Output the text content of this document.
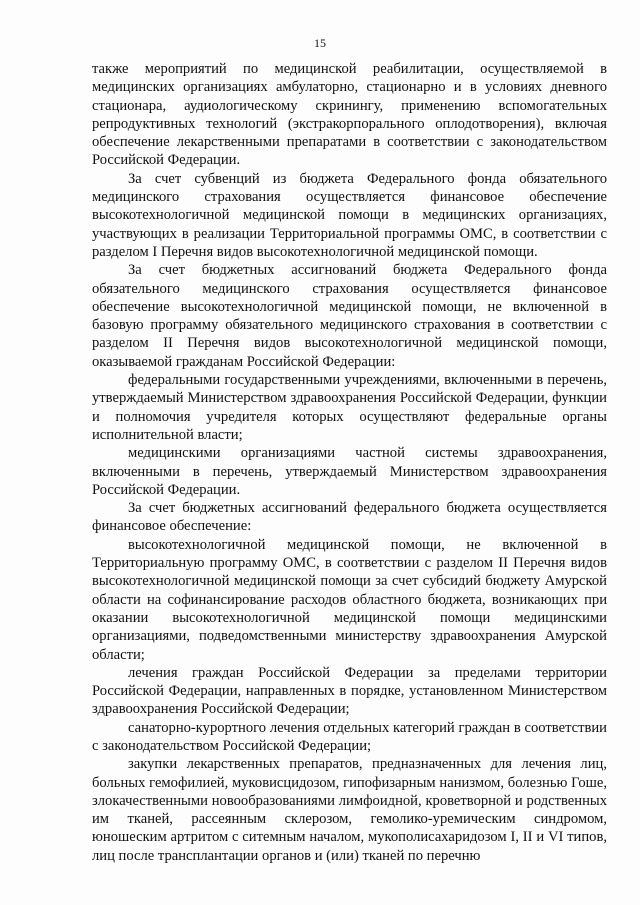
15

также мероприятий по медицинской реабилитации, осуществляемой в медицинских организациях амбулаторно, стационарно и в условиях дневного стационара, аудиологическому скринингу, применению вспомогательных репродуктивных технологий (экстракорпорального оплодотворения), включая обеспечение лекарственными препаратами в соответствии с законодательством Российской Федерации.

За счет субвенций из бюджета Федерального фонда обязательного медицинского страхования осуществляется финансовое обеспечение высокотехнологичной медицинской помощи в медицинских организациях, участвующих в реализации Территориальной программы ОМС, в соответствии с разделом I Перечня видов высокотехнологичной медицинской помощи.

За счет бюджетных ассигнований бюджета Федерального фонда обязательного медицинского страхования осуществляется финансовое обеспечение высокотехнологичной медицинской помощи, не включенной в базовую программу обязательного медицинского страхования в соответствии с разделом II Перечня видов высокотехнологичной медицинской помощи, оказываемой гражданам Российской Федерации:

федеральными государственными учреждениями, включенными в перечень, утверждаемый Министерством здравоохранения Российской Федерации, функции и полномочия учредителя которых осуществляют федеральные органы исполнительной власти;

медицинскими организациями частной системы здравоохранения, включенными в перечень, утверждаемый Министерством здравоохранения Российской Федерации.

За счет бюджетных ассигнований федерального бюджета осуществляется финансовое обеспечение:

высокотехнологичной медицинской помощи, не включенной в Территориальную программу ОМС, в соответствии с разделом II Перечня видов высокотехнологичной медицинской помощи за счет субсидий бюджету Амурской области на софинансирование расходов областного бюджета, возникающих при оказании высокотехнологичной медицинской помощи медицинскими организациями, подведомственными министерству здравоохранения Амурской области;

лечения граждан Российской Федерации за пределами территории Российской Федерации, направленных в порядке, установленном Министерством здравоохранения Российской Федерации;

санаторно-курортного лечения отдельных категорий граждан в соответствии с законодательством Российской Федерации;

закупки лекарственных препаратов, предназначенных для лечения лиц, больных гемофилией, муковисцидозом, гипофизарным нанизмом, болезнью Гоше, злокачественными новообразованиями лимфоидной, кроветворной и родственных им тканей, рассеянным склерозом, гемолико-уремическим синдромом, юношеским артритом с ситемным началом, мукополисахаридозом I, II и VI типов, лиц после трансплантации органов и (или) тканей по перечню
